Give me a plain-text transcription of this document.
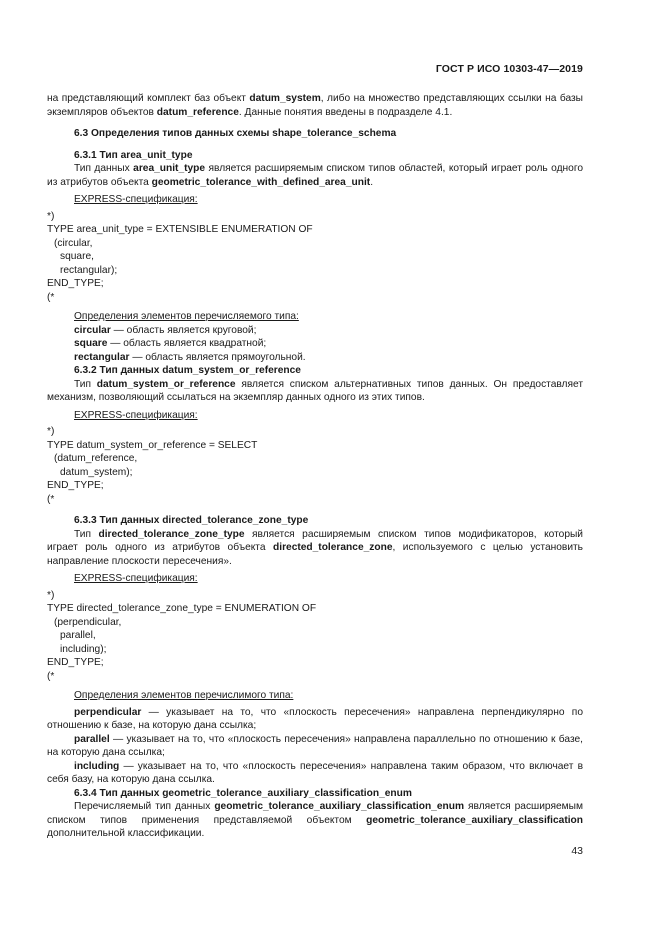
ГОСТ Р ИСО 10303-47—2019

на представляющий комплект баз объект datum_system, либо на множество представляющих ссылки на базы экземпляров объектов datum_reference. Данные понятия введены в подразделе 4.1.

6.3 Определения типов данных схемы shape_tolerance_schema

6.3.1 Тип area_unit_type

Тип данных area_unit_type является расширяемым списком типов областей, который играет роль одного из атрибутов объекта geometric_tolerance_with_defined_area_unit.

EXPRESS-спецификация:

*)

TYPE area_unit_type = EXTENSIBLE ENUMERATION OF

(circular,

square,

rectangular);

END_TYPE;

(*

Определения элементов перечисляемого типа:

circular — область является круговой;

square — область является квадратной;

rectangular — область является прямоугольной.

6.3.2 Тип данных datum_system_or_reference

Тип datum_system_or_reference является списком альтернативных типов данных. Он предоставляет механизм, позволяющий ссылаться на экземпляр данных одного из этих типов.

EXPRESS-спецификация:

*)

TYPE datum_system_or_reference = SELECT

(datum_reference,

datum_system);

END_TYPE;

(*

6.3.3 Тип данных directed_tolerance_zone_type

Тип directed_tolerance_zone_type является расширяемым списком типов модификаторов, который играет роль одного из атрибутов объекта directed_tolerance_zone, используемого с целью установить направление плоскости пересечения».

EXPRESS-спецификация:

*)

TYPE directed_tolerance_zone_type = ENUMERATION OF

(perpendicular,

parallel,

including);

END_TYPE;

(*

Определения элементов перечислимого типа:

perpendicular — указывает на то, что «плоскость пересечения» направлена перпендикулярно по отношению к базе, на которую дана ссылка;

parallel — указывает на то, что «плоскость пересечения» направлена параллельно по отношению к базе, на которую дана ссылка;

including — указывает на то, что «плоскость пересечения» направлена таким образом, что включает в себя базу, на которую дана ссылка.

6.3.4 Тип данных geometric_tolerance_auxiliary_classification_enum

Перечисляемый тип данных geometric_tolerance_auxiliary_classification_enum является расширяемым списком типов применения представляемой объектом geometric_tolerance_auxiliary_classification дополнительной классификации.

43
